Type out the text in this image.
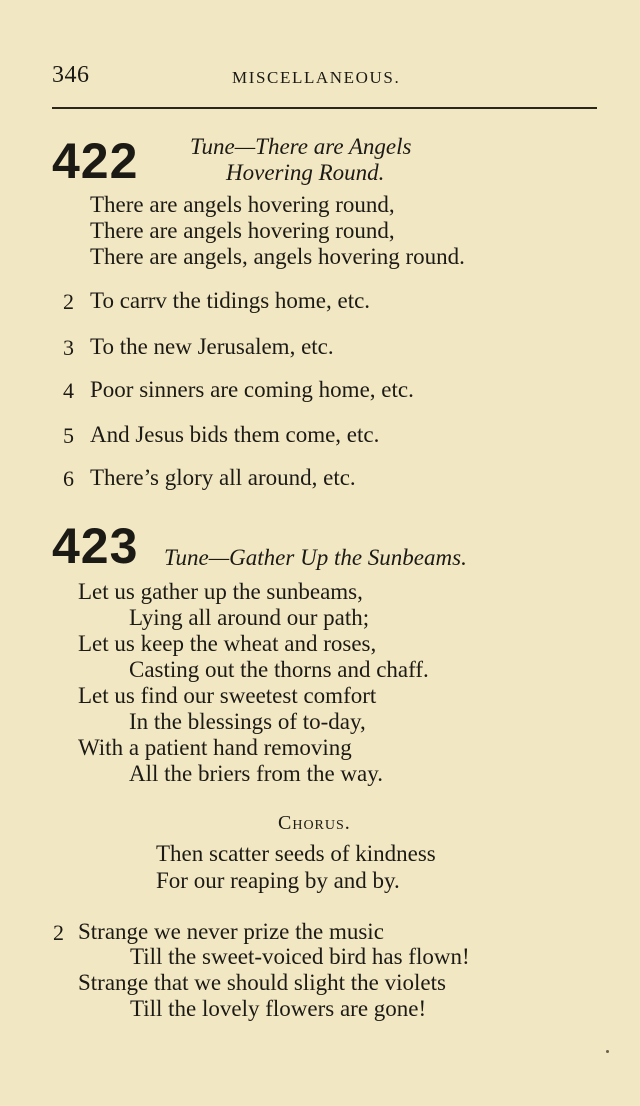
346	MISCELLANEOUS.
422 Tune—There are Angels
Hovering Round.
There are angels hovering round,
There are angels hovering round,
There are angels, angels hovering round.
2 To carrv the tidings home, etc.
3 To the new Jerusalem, etc.
4 Poor sinners are coming home, etc.
5 And Jesus bids them come, etc.
6 There’s glory all around, etc.
423 Tune—Gather Up the Sunbeams.
Let us gather up the sunbeams,
Lying all around our path;
Let us keep the wheat and roses,
Casting out the thorns and chaff.
Let us find our sweetest comfort
In the blessings of to-day,
With a patient hand removing
All the briers from the way.
Chorus.
Then scatter seeds of kindness
For our reaping by and by.
2 Strange we never prize the music
Till the sweet-voiced bird has flown!
Strange that we should slight the violets
Till the lovely flowers are gone!
